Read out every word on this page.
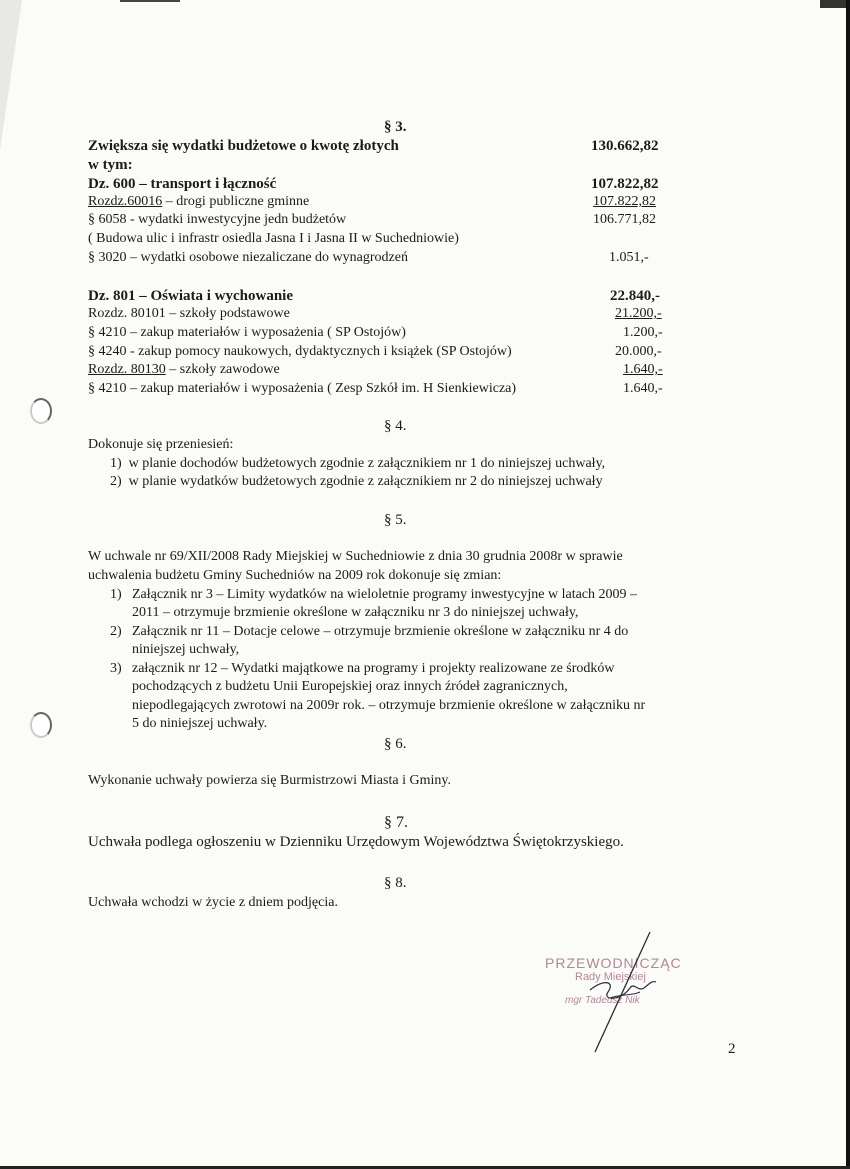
§ 3.
Zwiększa się wydatki budżetowe o kwotę złotych	130.662,82
w tym:
Dz. 600 – transport i łączność	107.822,82
Rozdz.60016 – drogi publiczne gminne	107.822,82
§ 6058 - wydatki inwestycyjne jedn budżetów	106.771,82
( Budowa ulic i infrastr osiedla Jasna I i Jasna II w Suchedniowie)
§ 3020 – wydatki osobowe niezaliczane do wynagrodzeń	1.051,-
Dz. 801 – Oświata i wychowanie	22.840,-
Rozdz. 80101 – szkoły podstawowe	21.200,-
§ 4210 – zakup materiałów i wyposażenia ( SP Ostojów)	1.200,-
§ 4240 - zakup pomocy naukowych, dydaktycznych i książek (SP Ostojów)	20.000,-
Rozdz. 80130 – szkoły zawodowe	1.640,-
§ 4210 – zakup materiałów i wyposażenia ( Zesp Szkół im. H Sienkiewicza)	1.640,-
§ 4.
Dokonuje się przeniesień:
1) w planie dochodów budżetowych zgodnie z załącznikiem nr 1 do niniejszej uchwały,
2) w planie wydatków budżetowych zgodnie z załącznikiem nr 2 do niniejszej uchwały
§ 5.
W uchwale nr 69/XII/2008 Rady Miejskiej w Suchedniowie z dnia 30 grudnia 2008r w sprawie
uchwalenia budżetu Gminy Suchedniów na 2009 rok dokonuje się zmian:
1) Załącznik nr 3 – Limity wydatków na wieloletnie programy inwestycyjne w latach 2009 –
2011 – otrzymuje brzmienie określone w załączniku nr 3 do niniejszej uchwały,
2) Załącznik nr 11 – Dotacje celowe – otrzymuje brzmienie określone w załączniku nr 4 do
niniejszej uchwały,
3) załącznik nr 12 – Wydatki majątkowe na programy i projekty realizowane ze środków
pochodzących z budżetu Unii Europejskiej oraz innych źródeł zagranicznych,
niepodlegających zwrotowi na 2009r rok. – otrzymuje brzmienie określone w załączniku nr
5 do niniejszej uchwały.
§ 6.
Wykonanie uchwały powierza się Burmistrzowi Miasta i Gminy.
§ 7.
Uchwała podlega ogłoszeniu w Dzienniku Urzędowym Województwa Świętokrzyskiego.
§ 8.
Uchwała wchodzi w życie z dniem podjęcia.
PRZEWODNICZĄC
Rady Miejskiej
mgr Tadeusz Nik
2
